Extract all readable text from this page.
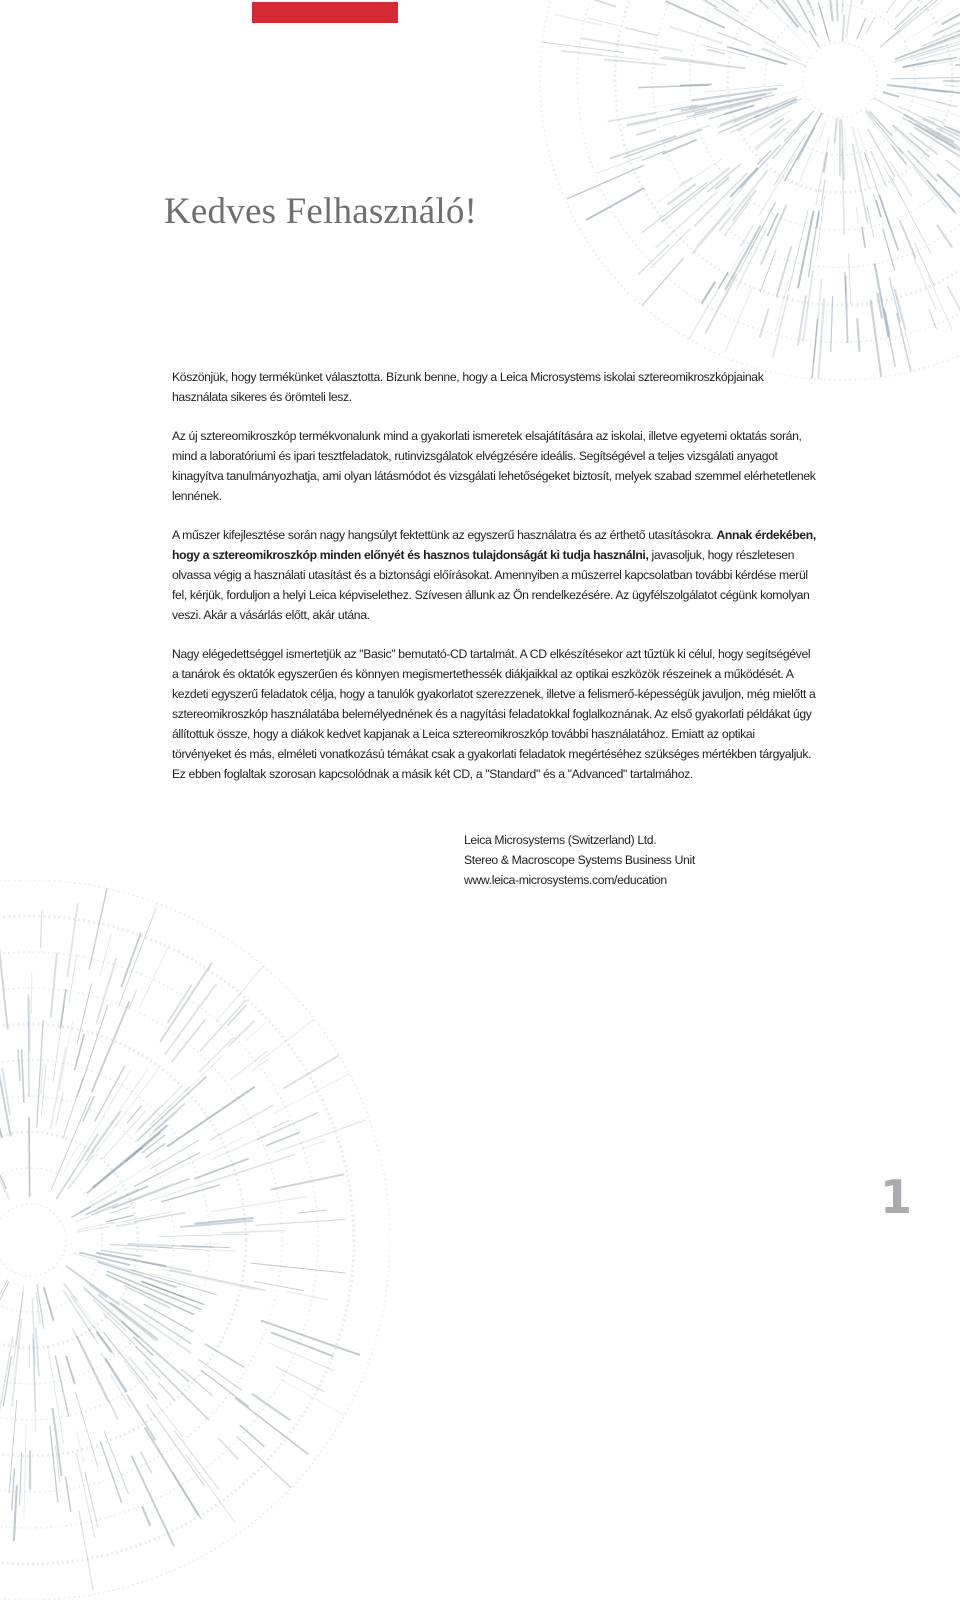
Kedves Felhasználó!

Köszönjük, hogy termékünket választotta. Bízunk benne, hogy a Leica Microsystems iskolai sztereomikroszkópjainak használata sikeres és örömteli lesz.

Az új sztereomikroszkóp termékvonalunk mind a gyakorlati ismeretek elsajátítására az iskolai, illetve egyetemi oktatás során, mind a laboratóriumi és ipari tesztfeladatok, rutinvizsgálatok elvégzésére ideális. Segítségével a teljes vizsgálati anyagot kinagyítva tanulmányozhatja, ami olyan látásmódot és vizsgálati lehetőségeket biztosít, melyek szabad szemmel elérhetetlenek lennének.

A műszer kifejlesztése során nagy hangsúlyt fektettünk az egyszerű használatra és az érthető utasításokra. Annak érdekében, hogy a sztereomikroszkóp minden előnyét és hasznos tulajdonságát ki tudja használni, javasoljuk, hogy részletesen olvassa végig a használati utasítást és a biztonsági előírásokat. Amennyiben a műszerrel kapcsolatban további kérdése merül fel, kérjük, forduljon a helyi Leica képviselethez. Szívesen állunk az Ön rendelkezésére. Az ügyfélszolgálatot cégünk komolyan veszi. Akár a vásárlás előtt, akár utána.

Nagy elégedettséggel ismertetjük az "Basic" bemutató-CD tartalmát. A CD elkészítésekor azt tűztük ki célul, hogy segítségével a tanárok és oktatók egyszerűen és könnyen megismertethessék diákjaikkal az optikai eszközök részeinek a működését. A kezdeti egyszerű feladatok célja, hogy a tanulók gyakorlatot szerezzenek, illetve a felismerő-képességük javuljon, még mielőtt a sztereomikroszkóp használatába belemélyednének és a nagyítási feladatokkal foglalkoznának. Az első gyakorlati példákat úgy állítottuk össze, hogy a diákok kedvet kapjanak a Leica sztereomikroszkóp további használatához. Emiatt az optikai törvényeket és más, elméleti vonatkozású témákat csak a gyakorlati feladatok megértéséhez szükséges mértékben tárgyaljuk. Ez ebben foglaltak szorosan kapcsolódnak a másik két CD, a "Standard" és a "Advanced" tartalmához.

Leica Microsystems (Switzerland) Ltd.
Stereo & Macroscope Systems Business Unit
www.leica-microsystems.com/education
1
